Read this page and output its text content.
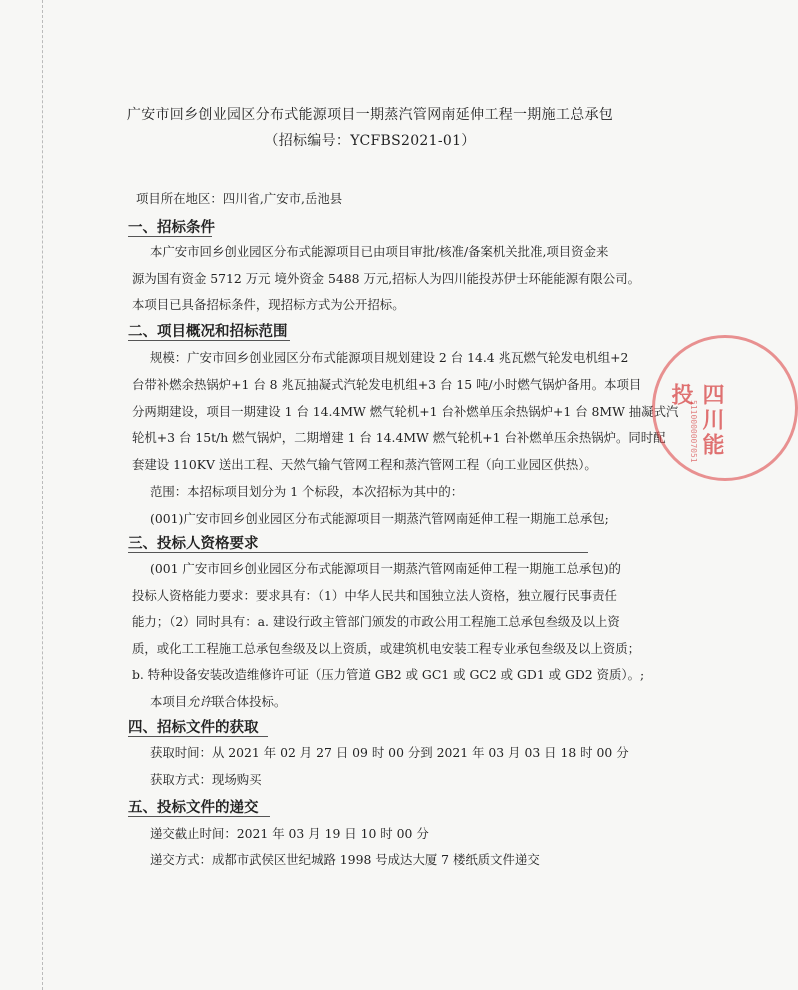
广安市回乡创业园区分布式能源项目一期蒸汽管网南延伸工程一期施工总承包
（招标编号：YCFBS2021-01）
项目所在地区：四川省,广安市,岳池县
一、招标条件
本广安市回乡创业园区分布式能源项目已由项目审批/核准/备案机关批准,项目资金来
源为国有资金 5712 万元 境外资金 5488 万元,招标人为四川能投苏伊士环能能源有限公司。
本项目已具备招标条件，现招标方式为公开招标。
二、项目概况和招标范围
规模：广安市回乡创业园区分布式能源项目规划建设 2 台 14.4 兆瓦燃气轮发电机组+2
台带补燃余热锅炉+1 台 8 兆瓦抽凝式汽轮发电机组+3 台 15 吨/小时燃气锅炉备用。本项目
分两期建设，项目一期建设 1 台 14.4MW 燃气轮机+1 台补燃单压余热锅炉+1 台 8MW 抽凝式汽
轮机+3 台 15t/h 燃气锅炉，二期增建 1 台 14.4MW 燃气轮机+1 台补燃单压余热锅炉。同时配
套建设 110KV 送出工程、天然气输气管网工程和蒸汽管网工程（向工业园区供热）。
范围：本招标项目划分为 1 个标段，本次招标为其中的：
(001)广安市回乡创业园区分布式能源项目一期蒸汽管网南延伸工程一期施工总承包;
三、投标人资格要求
(001 广安市回乡创业园区分布式能源项目一期蒸汽管网南延伸工程一期施工总承包)的
投标人资格能力要求：要求具有：（1）中华人民共和国独立法人资格，独立履行民事责任
能力；（2）同时具有：a. 建设行政主管部门颁发的市政公用工程施工总承包叁级及以上资
质，或化工工程施工总承包叁级及以上资质，或建筑机电安装工程专业承包叁级及以上资质；
b. 特种设备安装改造维修许可证（压力管道 GB2 或 GC1 或 GC2 或 GD1 或 GD2 资质）。;
本项目允许联合体投标。
四、招标文件的获取
获取时间：从 2021 年 02 月 27 日 09 时 00 分到 2021 年 03 月 03 日 18 时 00 分
获取方式：现场购买
五、投标文件的递交
递交截止时间：2021 年 03 月 19 日 10 时 00 分
递交方式：成都市武侯区世纪城路 1998 号成达大厦 7 楼纸质文件递交
四川能投
5110000007051
